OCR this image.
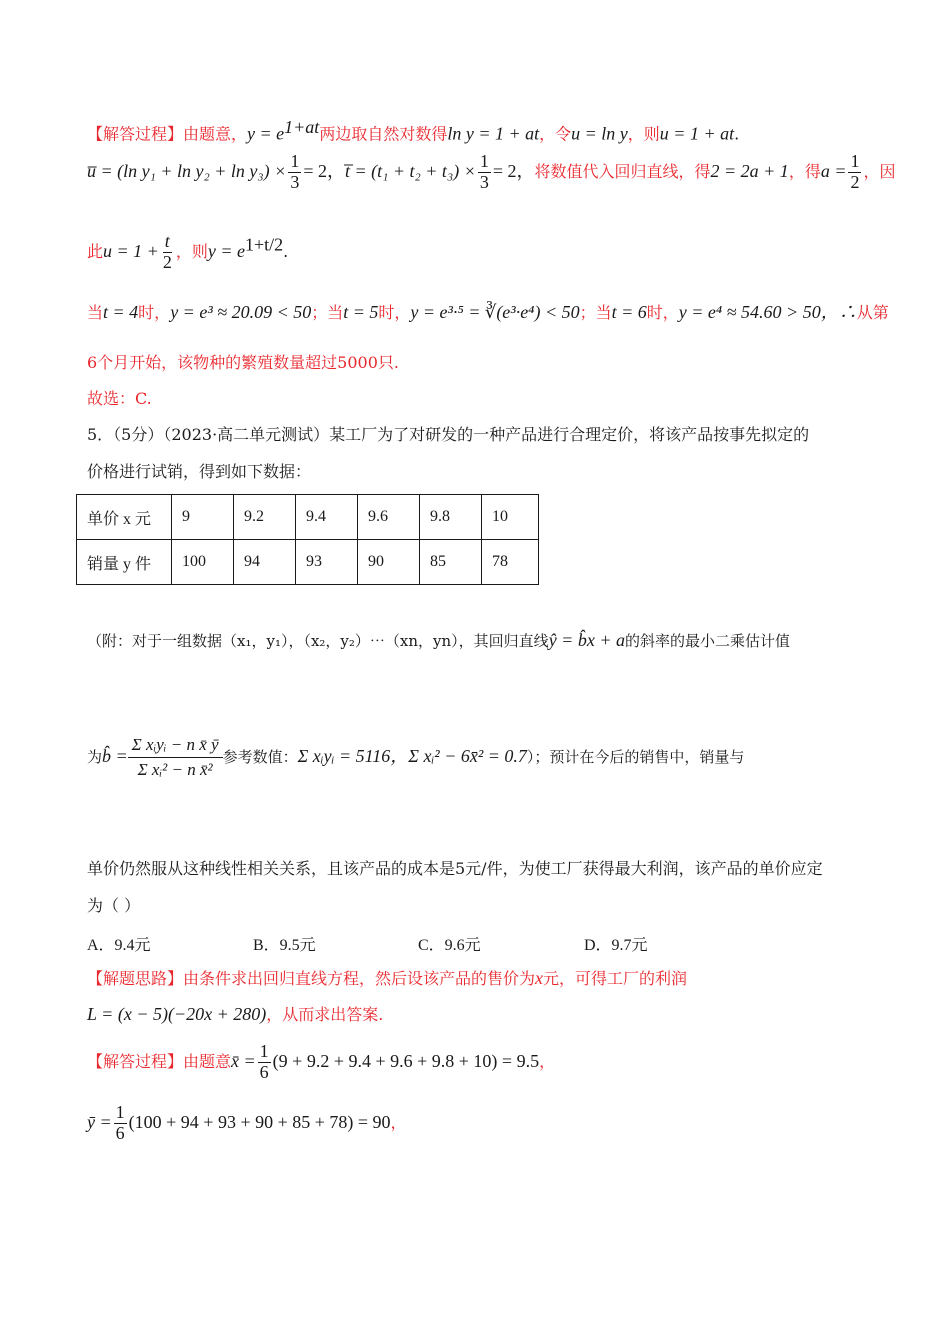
【解答过程】由题意，$y = e^{1+at}$两边取自然对数得ln y = 1 + at，令u = ln y，则u = 1 + at.
u̅ = (ln $y_1 + \ln y_2 + \ln y_3) \times \frac{1}{3} = 2$，t̅ = $(t_1 + t_2 + t_3) \times \frac{1}{3} = 2$，将数值代入回归直线，得2 = 2a + 1，得$a = \frac{1}{2}$ ，因
此$u = 1 + \frac{t}{2}$ ，则$y = e^{1+t/2}$.
当t = 4时，y = e³ ≈ 20.09 < 50；当t = 5时，y = e³·⁵ = ∛(e³·e⁴) < 50；当t = 6时，y = e⁴ ≈ 54.60 > 50，∴从第
6个月开始，该物种的繁殖数量超过5000只.
故选：C.
5．（5分）（2023·高二单元测试）某工厂为了对研发的一种产品进行合理定价，将该产品按事先拟定的
价格进行试销，得到如下数据：
单价 x 元	9	9.2	9.4	9.6	9.8	10
销量 y 件	100	94	93	90	85	78
（附：对于一组数据（x₁，y₁），（x₂，y₂）⋯（xn，yn），其回归直线ŷ = b̂x + a的斜率的最小二乘估计值
为b̂ = $\frac{\text{Σ xᵢyᵢ − n x̄ ȳ}}{\text{Σ xᵢ² − n x̄²}}$ 参考数值：Σ xᵢyᵢ = 5116，Σ xᵢ² − 6x̄² = 0.7）；预计在今后的销售中，销量与
单价仍然服从这种线性相关关系，且该产品的成本是5元/件，为使工厂获得最大利润，该产品的单价应定
为（ ）
A．9.4元	B．9.5元	C．9.6元	D．9.7元
【解题思路】由条件求出回归直线方程，然后设该产品的售价为x元，可得工厂的利润
L = (x − 5)(−20x + 280)，从而求出答案.
【解答过程】由题意x̄ = $\frac{1}{6} (9 + 9.2 + 9.4 + 9.6 + 9.8 + 10) = 9.5$，
ȳ = $\frac{1}{6} (100 + 94 + 93 + 90 + 85 + 78) = 90$，
